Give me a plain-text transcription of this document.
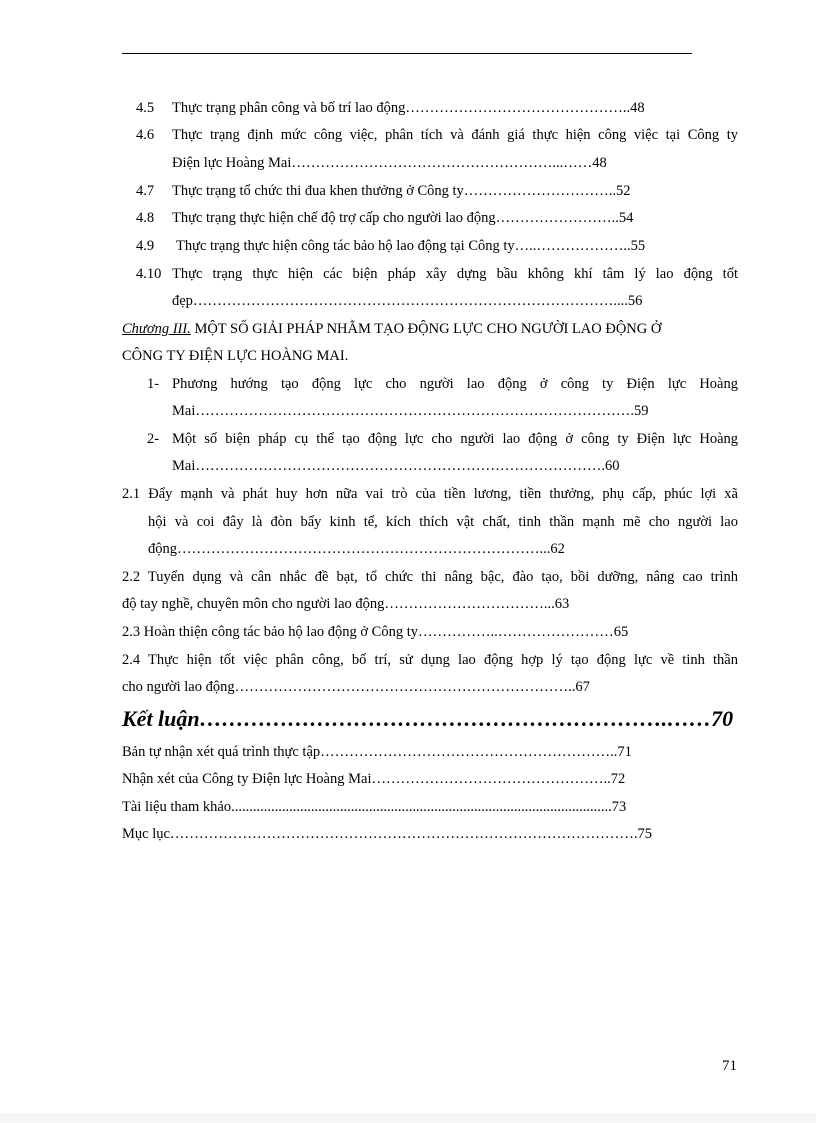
4.5 Thực trạng phân công và bố trí lao động………………………………………..48
4.6 Thực trạng định mức công việc, phân tích và đánh giá thực hiện công việc tại Công ty
Điện lực Hoàng Mai………………………………………………...……48
4.7 Thực trạng tổ chức thi đua khen thưởng ở Công ty…………………………..52
4.8 Thực trạng thực hiện chế độ trợ cấp cho người lao động……………………..54
4.9 Thực trạng thực hiện công tác bảo hộ lao động tại Công ty…..………………..55
4.10 Thực trạng thực hiện các biện pháp xây dựng bầu không khí tâm lý lao động tốt
đẹp……………………………………………………………………………....56
Chương III. MỘT SỐ GIẢI PHÁP NHẰM TẠO ĐỘNG LỰC CHO NGƯỜI LAO ĐỘNG Ở
CÔNG TY ĐIỆN LỰC HOÀNG MAI.
1- Phương hướng tạo động lực cho người lao động ở công ty Điện lực Hoàng
Mai……………………………………………………………………………….59
2- Một số biện pháp cụ thể tạo động lực cho người lao động ở công ty Điện lực Hoàng
Mai………………………………………………………………………….60
2.1 Đẩy mạnh và phát huy hơn nữa vai trò của tiền lương, tiền thưởng, phụ cấp, phúc lợi xã
hội và coi đây là đòn bẩy kinh tế, kích thích vật chất, tinh thần mạnh mẽ cho người lao
động…………………………………………………………………...62
2.2 Tuyển dụng và cân nhắc đề bạt, tổ chức thi nâng bậc, đào tạo, bồi dưỡng, nâng cao trình
độ tay nghề, chuyên môn cho người lao động……………………………...63
2.3 Hoàn thiện công tác bảo hộ lao động ở Công ty……………..……………………65
2.4 Thực hiện tốt việc phân công, bố trí, sử dụng lao động hợp lý tạo động lực về tinh thần
cho người lao động……………………………………………………………..67
Kết luận……………………………………………………….……70
Bản tự nhận xét quá trình thực tập……………………………………………………..71
Nhận xét của Công ty Điện lực Hoàng Mai…………………………………………..72
Tài liệu tham khảo.........................................................................................................73
Mục lục…………………………………………………………………………………….75
71
